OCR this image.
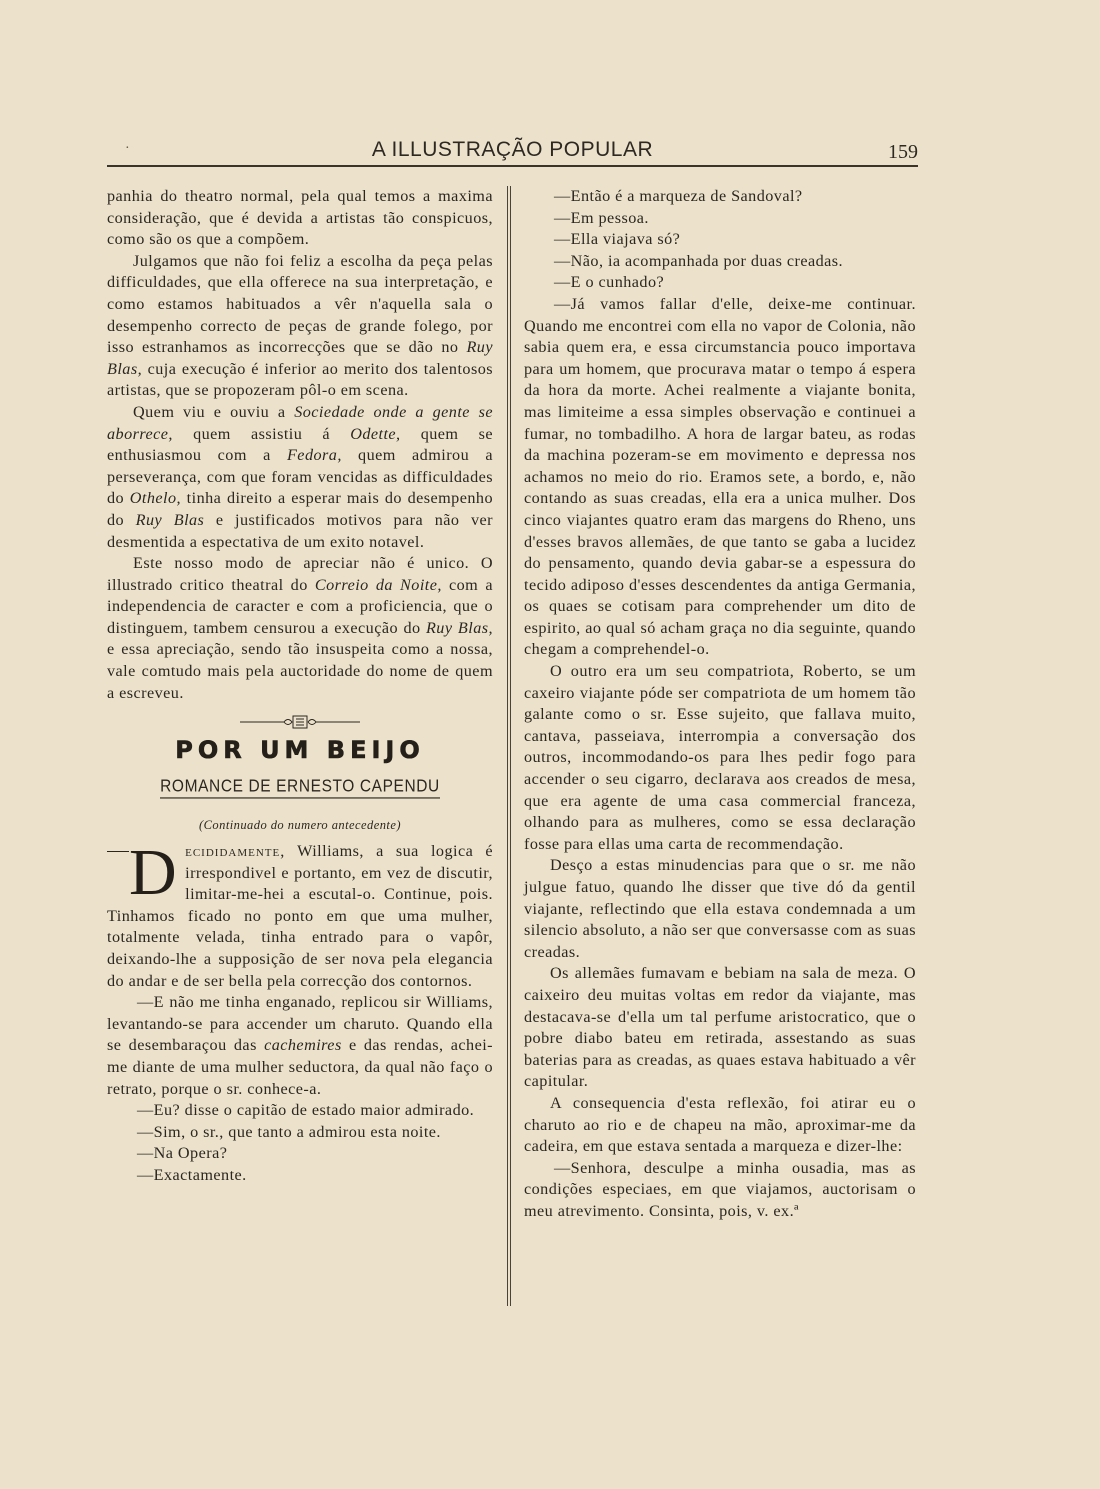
·	A ILLUSTRAÇÃO POPULAR	159

panhia do theatro normal, pela qual temos a maxima consideração, que é devida a artistas tão conspicuos, como são os que a compõem.

Julgamos que não foi feliz a escolha da peça pelas difficuldades, que ella offerece na sua interpretação, e como estamos habituados a vêr n'aquella sala o desempenho correcto de peças de grande folego, por isso estranhamos as incorrecções que se dão no Ruy Blas, cuja execução é inferior ao merito dos talentosos artistas, que se propozeram pôl-o em scena.

Quem viu e ouviu a Sociedade onde a gente se aborrece, quem assistiu á Odette, quem se enthusiasmou com a Fedora, quem admirou a perseverança, com que foram vencidas as difficuldades do Othelo, tinha direito a esperar mais do desempenho do Ruy Blas e justificados motivos para não ver desmentida a espectativa de um exito notavel.

Este nosso modo de apreciar não é unico. O illustrado critico theatral do Correio da Noite, com a independencia de caracter e com a proficiencia, que o distinguem, tambem censurou a execução do Ruy Blas, e essa apreciação, sendo tão insuspeita como a nossa, vale comtudo mais pela auctoridade do nome de quem a escreveu.

POR UM BEIJO
ROMANCE DE ERNESTO CAPENDU
(Continuado do numero antecedente)

Decididamente, Williams, a sua logica é irrespondivel e portanto, em vez de discutir, limitar-me-hei a escutal-o. Continue, pois. Tinhamos ficado no ponto em que uma mulher, totalmente velada, tinha entrado para o vapôr, deixando-lhe a supposição de ser nova pela elegancia do andar e de ser bella pela correcção dos contornos.

—E não me tinha enganado, replicou sir Williams, levantando-se para accender um charuto. Quando ella se desembaraçou das cachemires e das rendas, achei-me diante de uma mulher seductora, da qual não faço o retrato, porque o sr. conhece-a.

—Eu? disse o capitão de estado maior admirado.

—Sim, o sr., que tanto a admirou esta noite.

—Na Opera?

—Exactamente.

—Então é a marqueza de Sandoval?

—Em pessoa.

—Ella viajava só?

—Não, ia acompanhada por duas creadas.

—E o cunhado?

—Já vamos fallar d'elle, deixe-me continuar. Quando me encontrei com ella no vapor de Colonia, não sabia quem era, e essa circumstancia pouco importava para um homem, que procurava matar o tempo á espera da hora da morte. Achei realmente a viajante bonita, mas limiteime a essa simples observação e continuei a fumar, no tombadilho. A hora de largar bateu, as rodas da machina pozeram-se em movimento e depressa nos achamos no meio do rio. Eramos sete, a bordo, e, não contando as suas creadas, ella era a unica mulher. Dos cinco viajantes quatro eram das margens do Rheno, uns d'esses bravos allemães, de que tanto se gaba a lucidez do pensamento, quando devia gabar-se a espessura do tecido adiposo d'esses descendentes da antiga Germania, os quaes se cotisam para comprehender um dito de espirito, ao qual só acham graça no dia seguinte, quando chegam a comprehendel-o.

O outro era um seu compatriota, Roberto, se um caxeiro viajante póde ser compatriota de um homem tão galante como o sr. Esse sujeito, que fallava muito, cantava, passeiava, interrompia a conversação dos outros, incommodando-os para lhes pedir fogo para accender o seu cigarro, declarava aos creados de mesa, que era agente de uma casa commercial franceza, olhando para as mulheres, como se essa declaração fosse para ellas uma carta de recommendação.

Desço a estas minudencias para que o sr. me não julgue fatuo, quando lhe disser que tive dó da gentil viajante, reflectindo que ella estava condemnada a um silencio absoluto, a não ser que conversasse com as suas creadas.

Os allemães fumavam e bebiam na sala de meza. O caixeiro deu muitas voltas em redor da viajante, mas destacava-se d'ella um tal perfume aristocratico, que o pobre diabo bateu em retirada, assestando as suas baterias para as creadas, as quaes estava habituado a vêr capitular.

A consequencia d'esta reflexão, foi atirar eu o charuto ao rio e de chapeu na mão, aproximar-me da cadeira, em que estava sentada a marqueza e dizer-lhe:

—Senhora, desculpe a minha ousadia, mas as condições especiaes, em que viajamos, auctorisam o meu atrevimento. Consinta, pois, v. ex.ª
